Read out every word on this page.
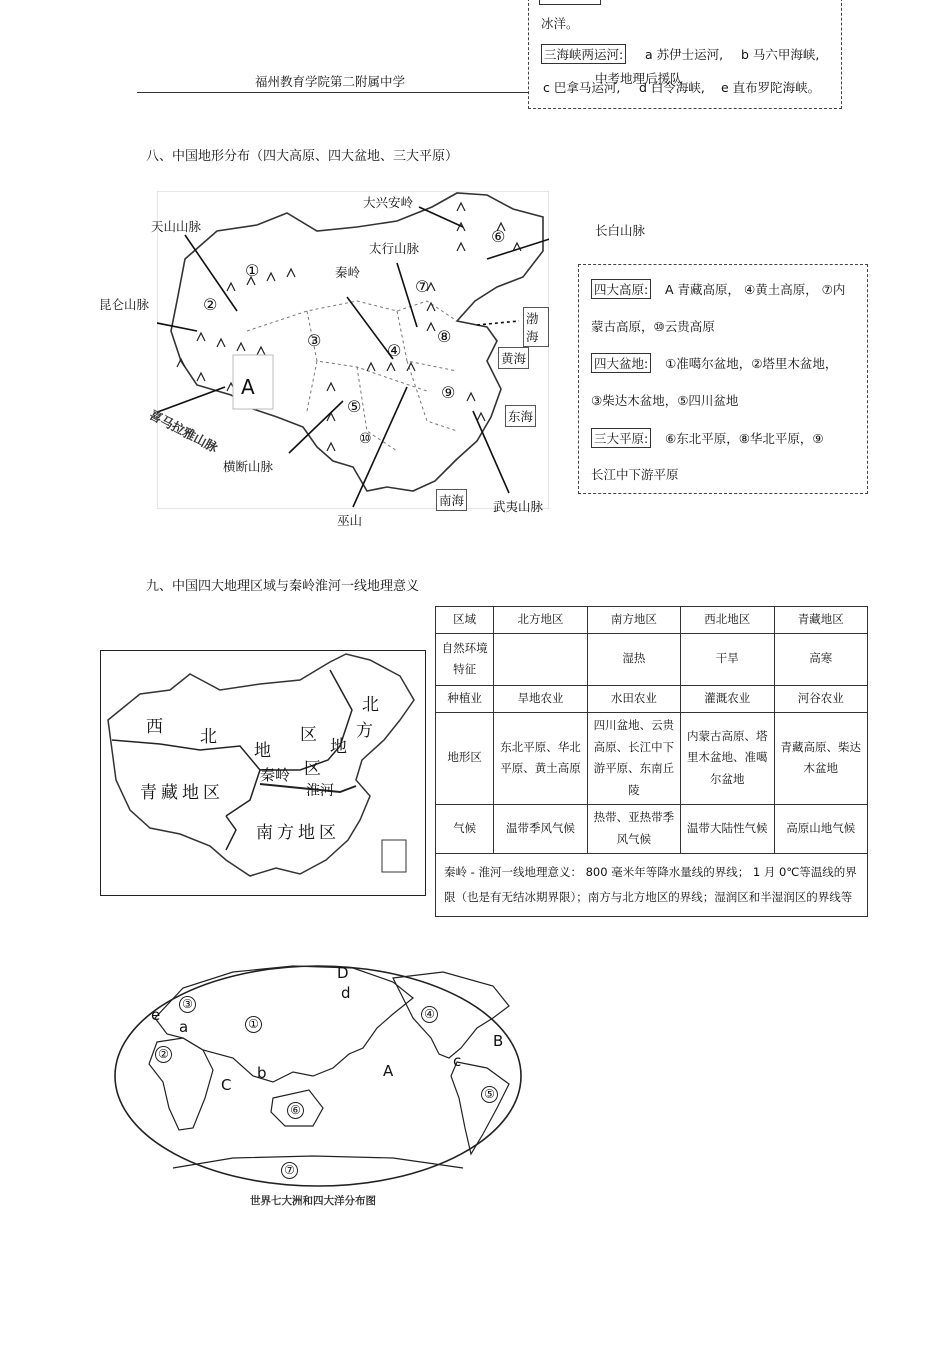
冰洋。
三海峡两运河: a 苏伊士运河, b 马六甲海峡,
c 巴拿马运河, d 白令海峡, e 直布罗陀海峡。
中考地理后援队
福州教育学院第二附属中学
八、中国地形分布（四大高原、四大盆地、三大平原）
大兴安岭
天山山脉
太行山脉
秦岭
昆仑山脉
横断山脉
武夷山脉
巫山
喜马拉雅山脉
A
①
②
③
④
⑤
⑥
⑦
⑧
⑨
⑩
渤海
黄海
东海
南海
长白山脉
四大高原: A 青藏高原， ④黄土高原， ⑦内
蒙古高原，⑩云贵高原
四大盆地: ①准噶尔盆地，②塔里木盆地，
③柴达木盆地，⑤四川盆地
三大平原: ⑥东北平原，⑧华北平原，⑨
长江中下游平原
九、中国四大地理区域与秦岭淮河一线地理意义
西 北	区
北
方
地	地
区
秦岭
淮河
青藏地区
南方地区
区域	北方地区	南方地区	西北地区	青藏地区
自然环境特征		湿热	干旱	高寒
种植业	旱地农业	水田农业	灌溉农业	河谷农业
地形区	东北平原、华北平原、黄土高原	四川盆地、云贵高原、长江中下游平原、东南丘陵	内蒙古高原、塔里木盆地、准噶尔盆地	青藏高原、柴达木盆地
气候	温带季风气候	热带、亚热带季风气候	温带大陆性气候	高原山地气候
秦岭 - 淮河一线地理意义： 800 毫米年等降水量线的界线； 1 月 0℃等温线的界限（也是有无结冰期界限）；南方与北方地区的界线；湿润区和半湿润区的界线等				
D
d
A
B
C
a
b
c
e	①
②
③
④
⑤
⑥
⑦
世界七大洲和四大洋分布图
